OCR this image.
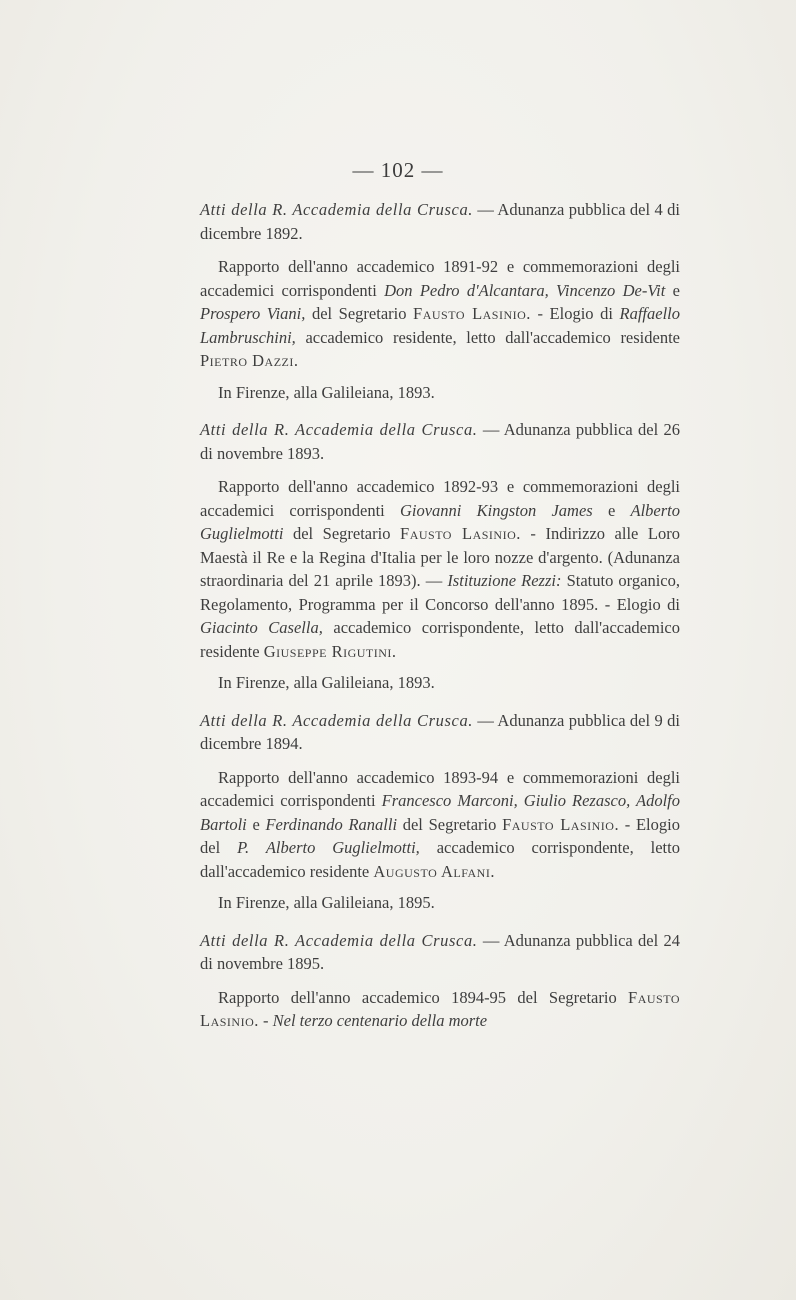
— 102 —

Atti della R. Accademia della Crusca. — Adunanza pubblica del 4 di dicembre 1892.

Rapporto dell'anno accademico 1891-92 e commemorazioni degli accademici corrispondenti Don Pedro d'Alcantara, Vincenzo De-Vit e Prospero Viani, del Segretario Fausto Lasinio. - Elogio di Raffaello Lambruschini, accademico residente, letto dall'accademico residente Pietro Dazzi.

In Firenze, alla Galileiana, 1893.

Atti della R. Accademia della Crusca. — Adunanza pubblica del 26 di novembre 1893.

Rapporto dell'anno accademico 1892-93 e commemorazioni degli accademici corrispondenti Giovanni Kingston James e Alberto Guglielmotti del Segretario Fausto Lasinio. - Indirizzo alle Loro Maestà il Re e la Regina d'Italia per le loro nozze d'argento. (Adunanza straordinaria del 21 aprile 1893). — Istituzione Rezzi: Statuto organico, Regolamento, Programma per il Concorso dell'anno 1895. - Elogio di Giacinto Casella, accademico corrispondente, letto dall'accademico residente Giuseppe Rigutini.

In Firenze, alla Galileiana, 1893.

Atti della R. Accademia della Crusca. — Adunanza pubblica del 9 di dicembre 1894.

Rapporto dell'anno accademico 1893-94 e commemorazioni degli accademici corrispondenti Francesco Marconi, Giulio Rezasco, Adolfo Bartoli e Ferdinando Ranalli del Segretario Fausto Lasinio. - Elogio del P. Alberto Guglielmotti, accademico corrispondente, letto dall'accademico residente Augusto Alfani.

In Firenze, alla Galileiana, 1895.

Atti della R. Accademia della Crusca. — Adunanza pubblica del 24 di novembre 1895.

Rapporto dell'anno accademico 1894-95 del Segretario Fausto Lasinio. - Nel terzo centenario della morte
